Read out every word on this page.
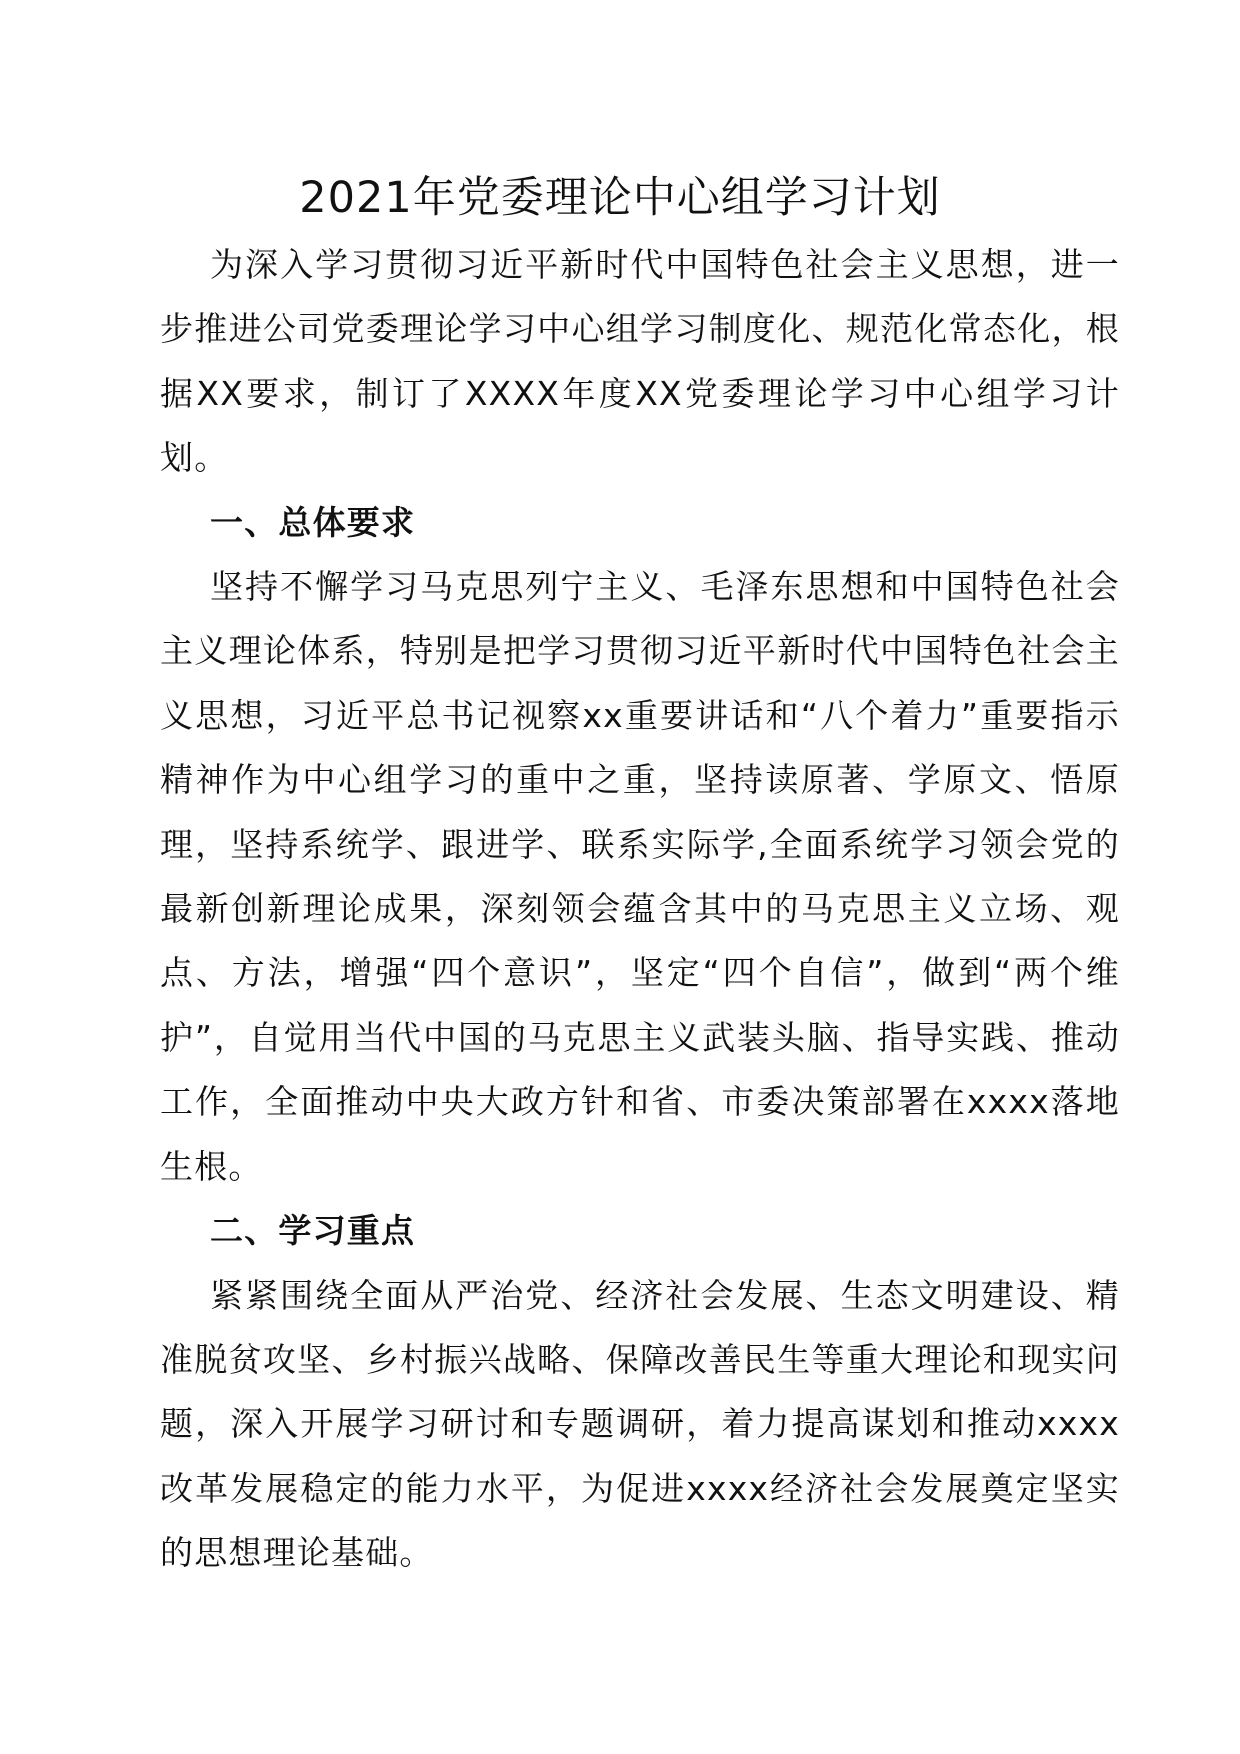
2021年党委理论中心组学习计划

为深入学习贯彻习近平新时代中国特色社会主义思想，进一步推进公司党委理论学习中心组学习制度化、规范化常态化，根据XX要求，制订了XXXX年度XX党委理论学习中心组学习计划。

一、总体要求

坚持不懈学习马克思列宁主义、毛泽东思想和中国特色社会主义理论体系，特别是把学习贯彻习近平新时代中国特色社会主义思想，习近平总书记视察xx重要讲话和“八个着力”重要指示精神作为中心组学习的重中之重，坚持读原著、学原文、悟原理，坚持系统学、跟进学、联系实际学,全面系统学习领会党的最新创新理论成果，深刻领会蕴含其中的马克思主义立场、观点、方法，增强“四个意识”，坚定“四个自信”，做到“两个维护”，自觉用当代中国的马克思主义武装头脑、指导实践、推动工作，全面推动中央大政方针和省、市委决策部署在xxxx落地生根。

二、学习重点

紧紧围绕全面从严治党、经济社会发展、生态文明建设、精准脱贫攻坚、乡村振兴战略、保障改善民生等重大理论和现实问题，深入开展学习研讨和专题调研，着力提高谋划和推动xxxx改革发展稳定的能力水平，为促进xxxx经济社会发展奠定坚实的思想理论基础。
